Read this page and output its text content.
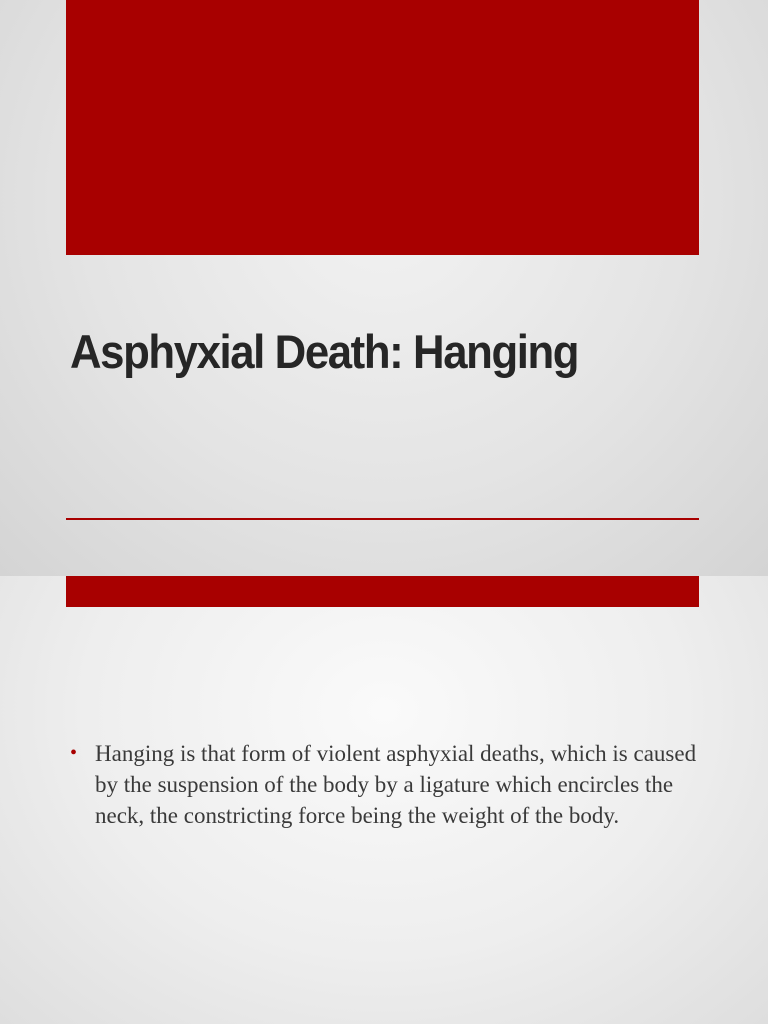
Asphyxial Death: Hanging
• Hanging is that form of violent asphyxial deaths, which is caused by the suspension of the body by a ligature which encircles the neck, the constricting force being the weight of the body.
